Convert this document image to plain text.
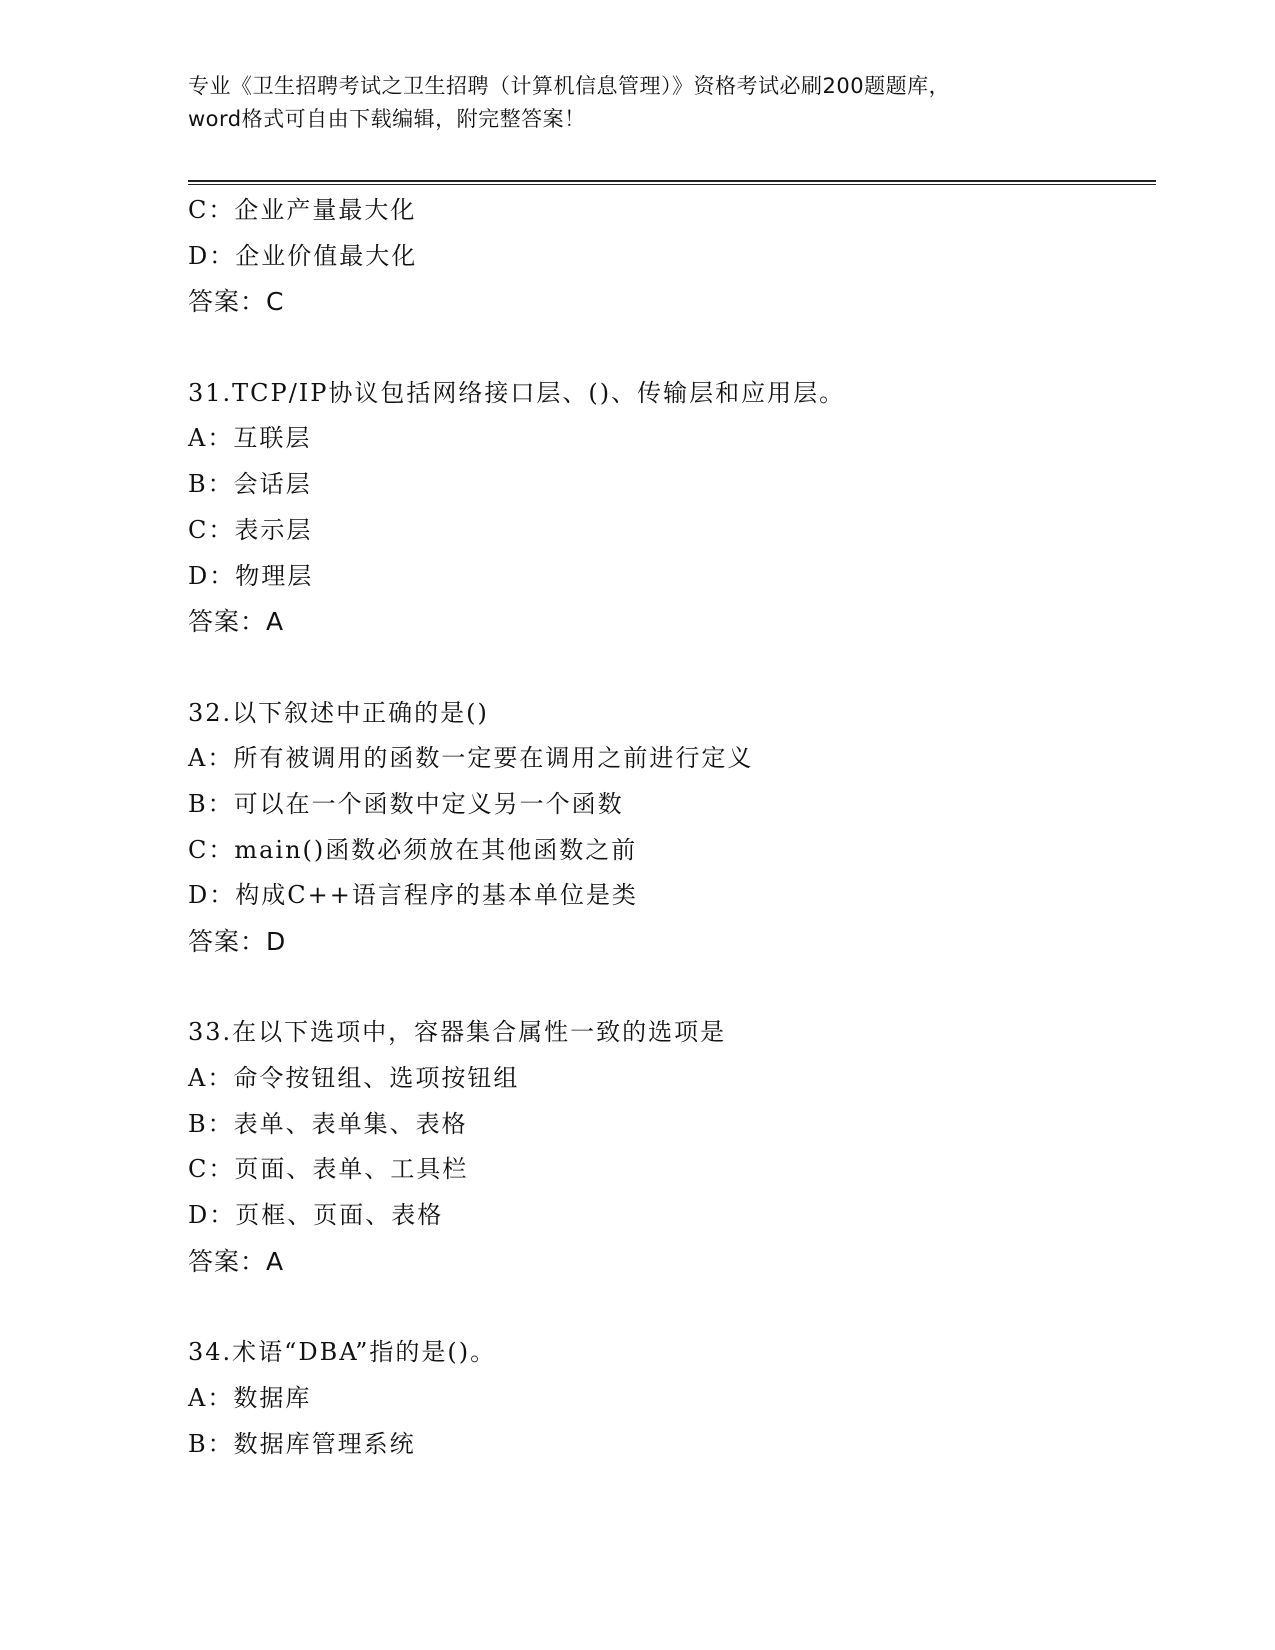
专业《卫生招聘考试之卫生招聘（计算机信息管理）》资格考试必刷200题题库，
word格式可自由下载编辑，附完整答案！
C：企业产量最大化
D：企业价值最大化
答案：C
31.TCP/IP协议包括网络接口层、()、传输层和应用层。
A：互联层
B：会话层
C：表示层
D：物理层
答案：A
32.以下叙述中正确的是()
A：所有被调用的函数一定要在调用之前进行定义
B：可以在一个函数中定义另一个函数
C：main()函数必须放在其他函数之前
D：构成C++语言程序的基本单位是类
答案：D
33.在以下选项中，容器集合属性一致的选项是
A：命令按钮组、选项按钮组
B：表单、表单集、表格
C：页面、表单、工具栏
D：页框、页面、表格
答案：A
34.术语“DBA”指的是()。
A：数据库
B：数据库管理系统
